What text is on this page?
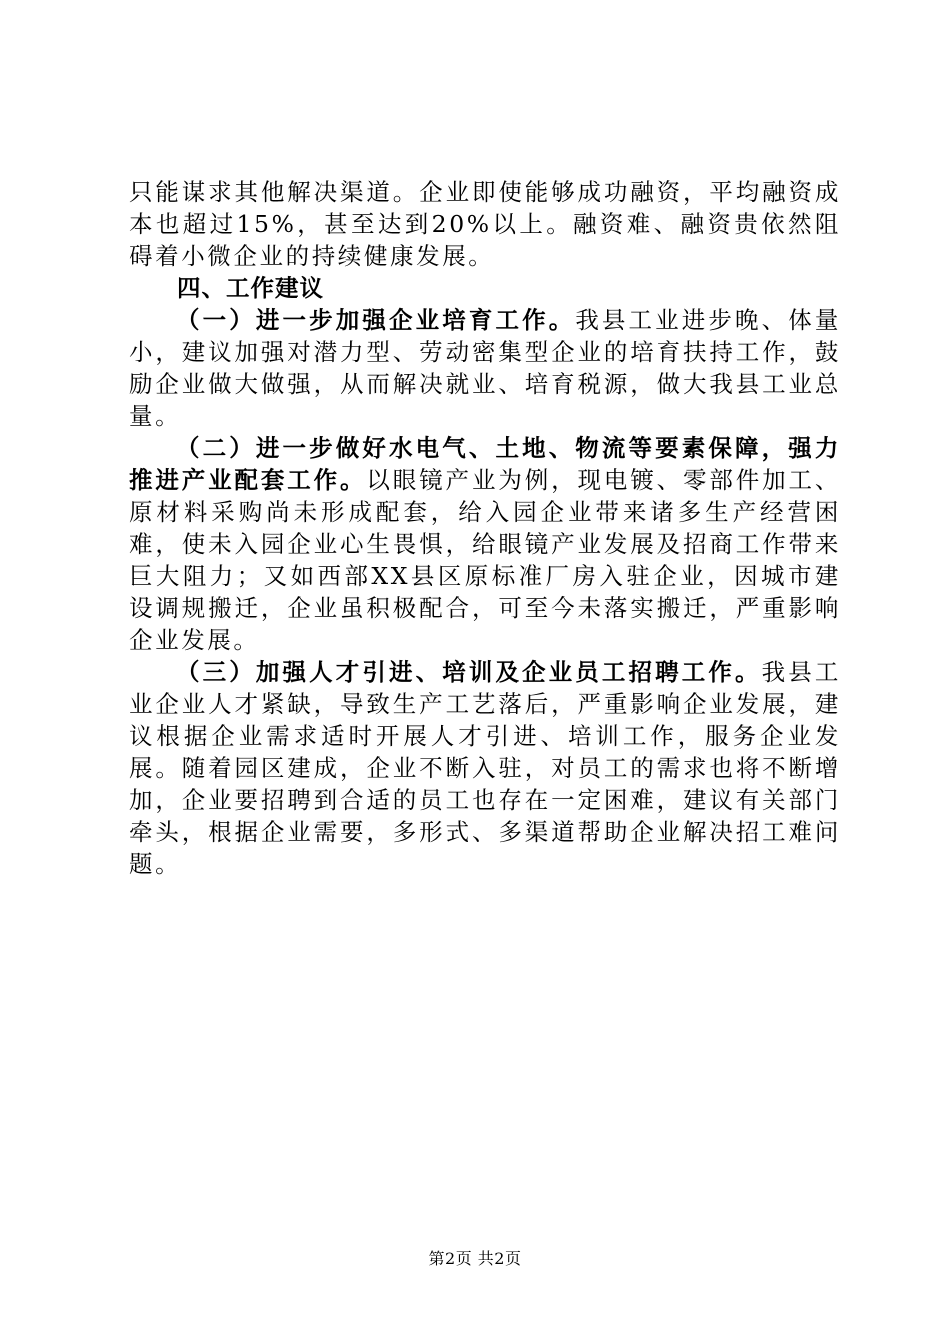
只能谋求其他解决渠道。企业即使能够成功融资，平均融资成本也超过15%，甚至达到20%以上。融资难、融资贵依然阻碍着小微企业的持续健康发展。

四、工作建议

（一）进一步加强企业培育工作。我县工业进步晚、体量小，建议加强对潜力型、劳动密集型企业的培育扶持工作，鼓励企业做大做强，从而解决就业、培育税源，做大我县工业总量。

（二）进一步做好水电气、土地、物流等要素保障，强力推进产业配套工作。以眼镜产业为例，现电镀、零部件加工、原材料采购尚未形成配套，给入园企业带来诸多生产经营困难，使未入园企业心生畏惧，给眼镜产业发展及招商工作带来巨大阻力；又如西部XX县区原标准厂房入驻企业，因城市建设调规搬迁，企业虽积极配合，可至今未落实搬迁，严重影响企业发展。

（三）加强人才引进、培训及企业员工招聘工作。我县工业企业人才紧缺，导致生产工艺落后，严重影响企业发展，建议根据企业需求适时开展人才引进、培训工作，服务企业发展。随着园区建成，企业不断入驻，对员工的需求也将不断增加，企业要招聘到合适的员工也存在一定困难，建议有关部门牵头，根据企业需要，多形式、多渠道帮助企业解决招工难问题。

第2页 共2页
